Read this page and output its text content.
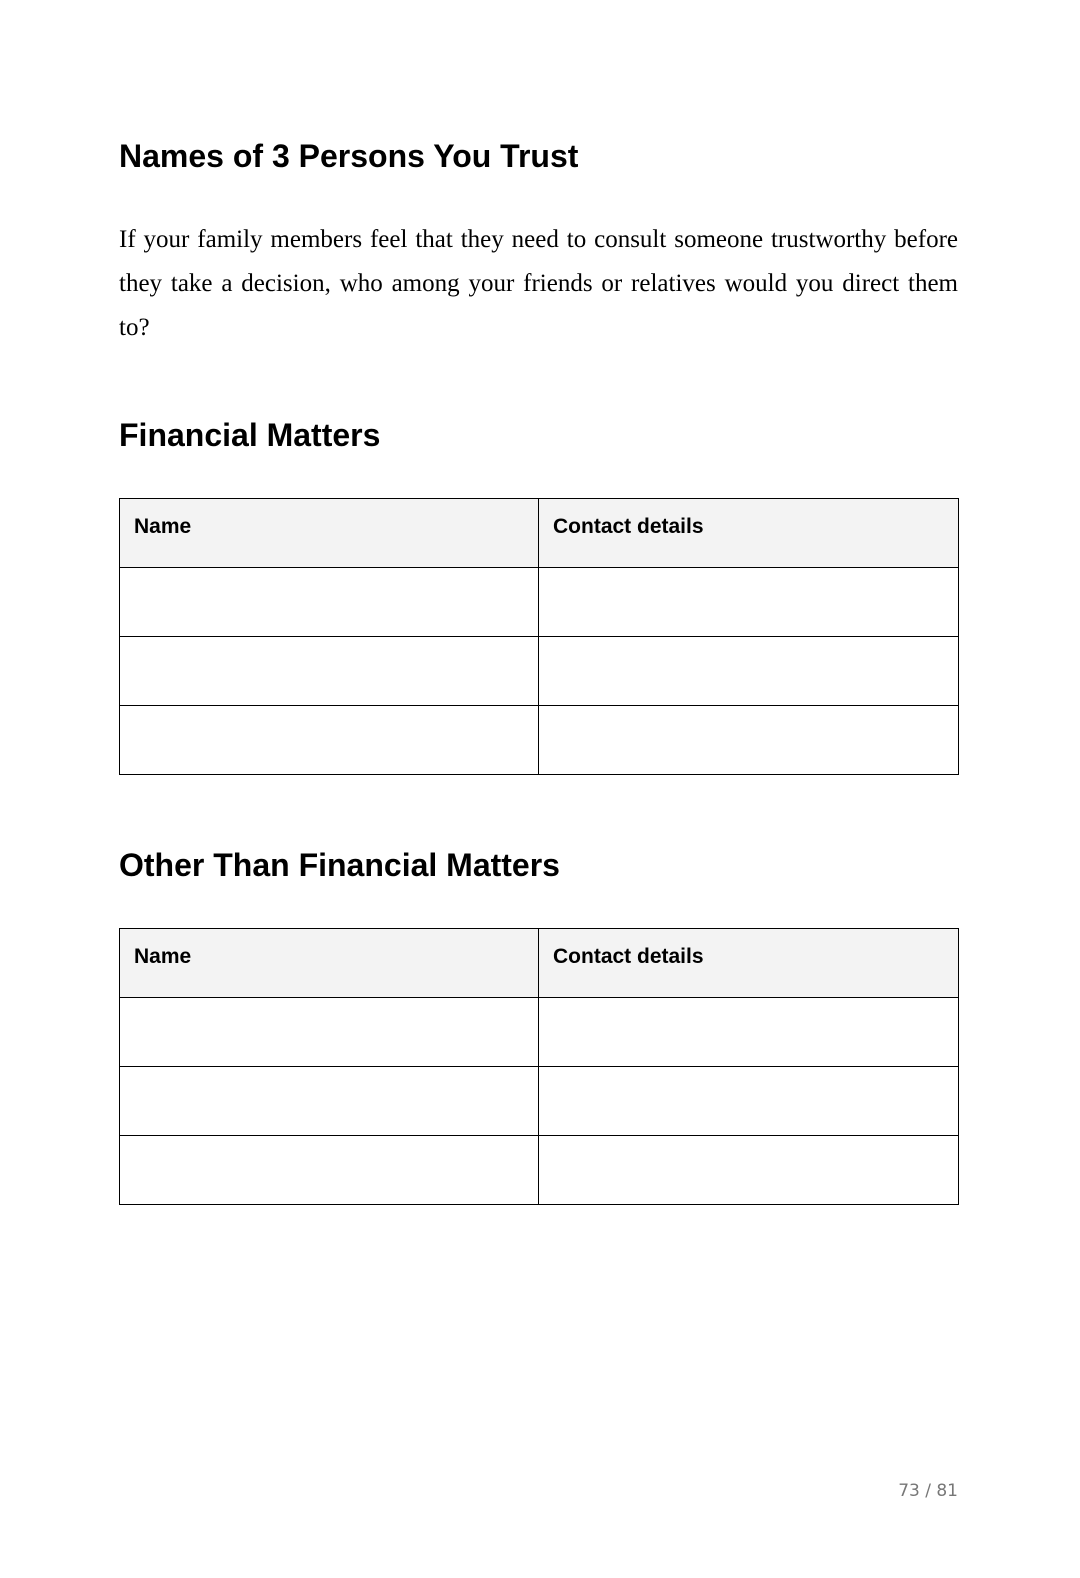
Names of 3 Persons You Trust

If your family members feel that they need to consult someone trustworthy before they take a decision, who among your friends or relatives would you direct them to?

Financial Matters
Name	Contact details

Other Than Financial Matters
Name	Contact details

73 / 81
